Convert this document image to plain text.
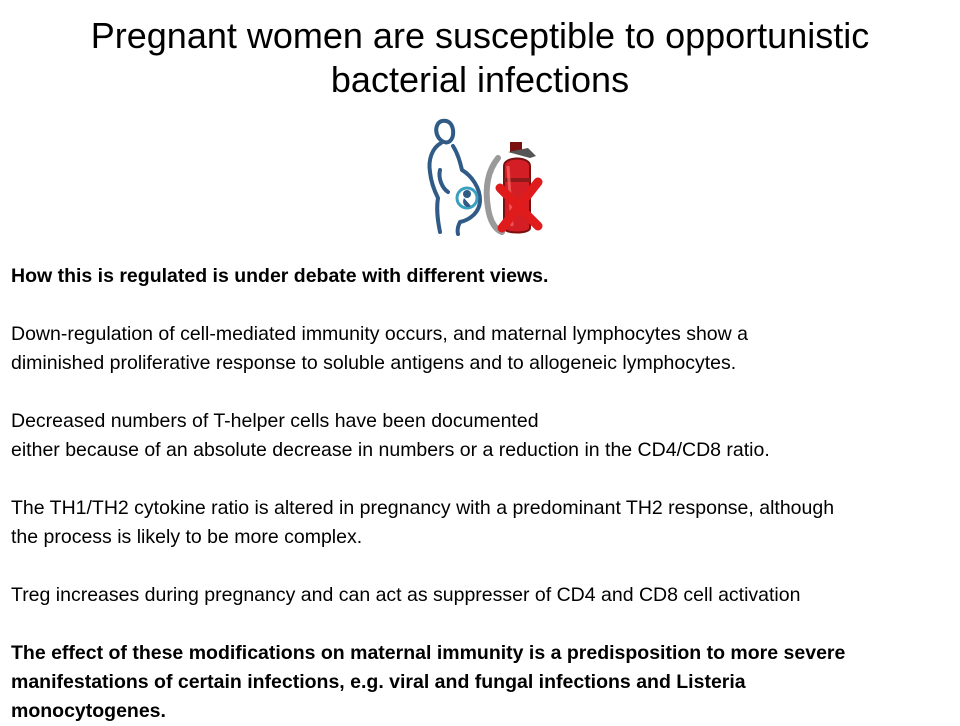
Pregnant women are susceptible to opportunistic
bacterial infections

How this is regulated is under debate with different views.

Down-regulation of cell-mediated immunity occurs, and maternal lymphocytes show a
diminished proliferative response to soluble antigens and to allogeneic lymphocytes.

Decreased numbers of T-helper cells have been documented
either because of an absolute decrease in numbers or a reduction in the CD4/CD8 ratio.

The TH1/TH2 cytokine ratio is altered in pregnancy with a predominant TH2 response, although
the process is likely to be more complex.

Treg increases during pregnancy and can act as suppresser of CD4 and CD8 cell activation

The effect of these modifications on maternal immunity is a predisposition to more severe
manifestations of certain infections, e.g. viral and fungal infections and Listeria
monocytogenes.
